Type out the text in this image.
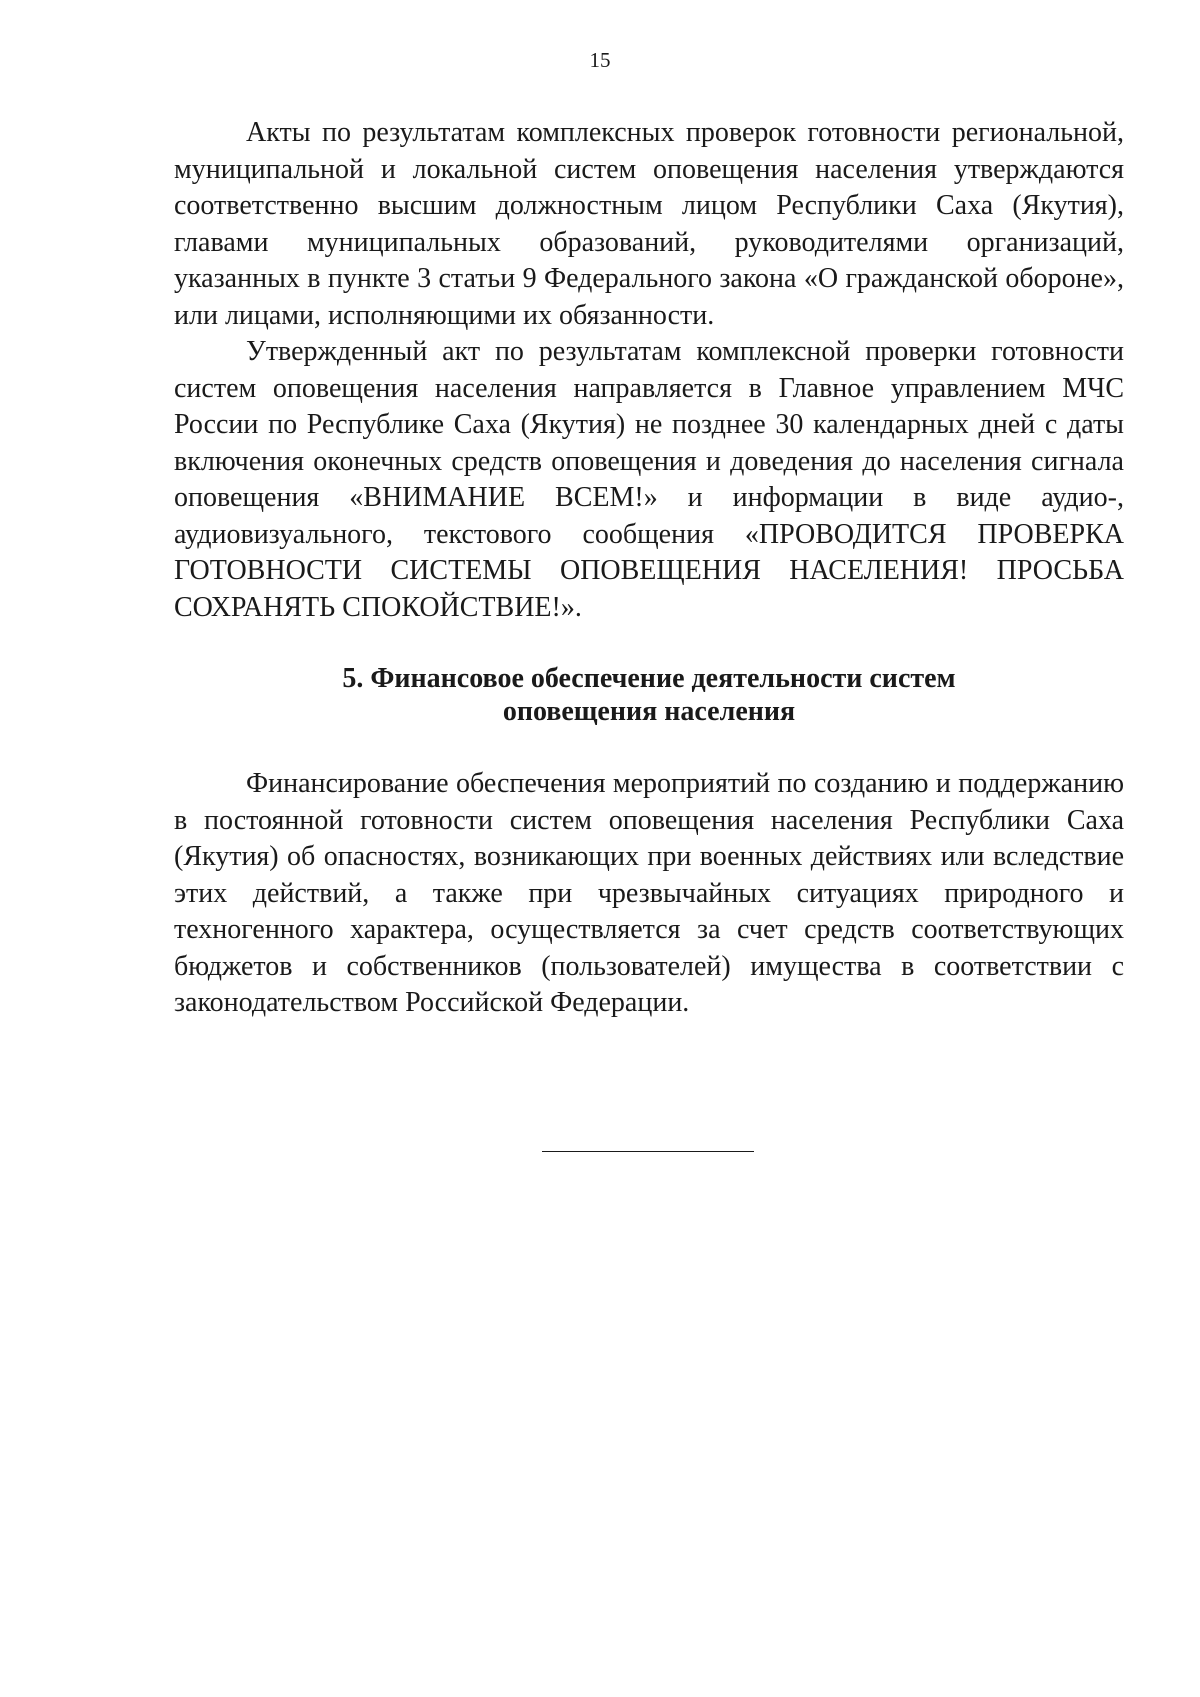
15

Акты по результатам комплексных проверок готовности региональной, муниципальной и локальной систем оповещения населения утверждаются соответственно высшим должностным лицом Республики Саха (Якутия), главами муниципальных образований, руководителями организаций, указанных в пункте 3 статьи 9 Федерального закона «О гражданской обороне», или лицами, исполняющими их обязанности.

Утвержденный акт по результатам комплексной проверки готовности систем оповещения населения направляется в Главное управлением МЧС России по Республике Саха (Якутия) не позднее 30 календарных дней с даты включения оконечных средств оповещения и доведения до населения сигнала оповещения «ВНИМАНИЕ ВСЕМ!» и информации в виде аудио-, аудиовизуального, текстового сообщения «ПРОВОДИТСЯ ПРОВЕРКА ГОТОВНОСТИ СИСТЕМЫ ОПОВЕЩЕНИЯ НАСЕЛЕНИЯ! ПРОСЬБА СОХРАНЯТЬ СПОКОЙСТВИЕ!».

5. Финансовое обеспечение деятельности систем
оповещения населения

Финансирование обеспечения мероприятий по созданию и поддержанию в постоянной готовности систем оповещения населения Республики Саха (Якутия) об опасностях, возникающих при военных действиях или вследствие этих действий, а также при чрезвычайных ситуациях природного и техногенного характера, осуществляется за счет средств соответствующих бюджетов и собственников (пользователей) имущества в соответствии с законодательством Российской Федерации.
